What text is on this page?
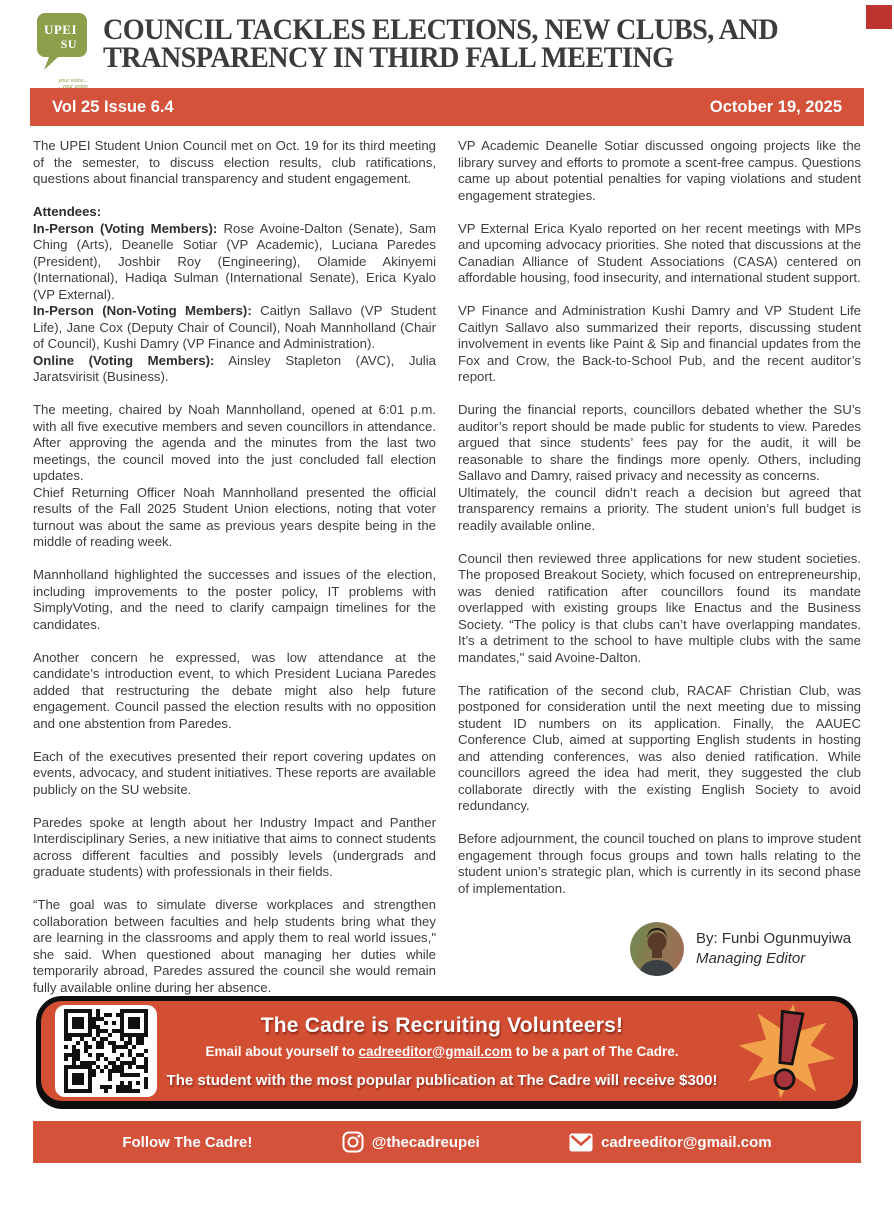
UPEI
SU
your voice...
...your union
COUNCIL TACKLES ELECTIONS, NEW CLUBS, AND
TRANSPARENCY IN THIRD FALL MEETING
Vol 25 Issue 6.4	October 19, 2025

The UPEI Student Union Council met on Oct. 19 for its third meeting of the semester, to discuss election results, club ratifications, questions about financial transparency and student engagement.

Attendees:

In-Person (Voting Members): Rose Avoine-Dalton (Senate), Sam Ching (Arts), Deanelle Sotiar (VP Academic), Luciana Paredes (President), Joshbir Roy (Engineering), Olamide Akinyemi (International), Hadiqa Sulman (International Senate), Erica Kyalo (VP External).

In-Person (Non-Voting Members): Caitlyn Sallavo (VP Student Life), Jane Cox (Deputy Chair of Council), Noah Mannholland (Chair of Council), Kushi Damry (VP Finance and Administration).

Online (Voting Members): Ainsley Stapleton (AVC), Julia Jaratsvirisit (Business).

The meeting, chaired by Noah Mannholland, opened at 6:01 p.m. with all five executive members and seven councillors in attendance. After approving the agenda and the minutes from the last two meetings, the council moved into the just concluded fall election updates.

Chief Returning Officer Noah Mannholland presented the official results of the Fall 2025 Student Union elections, noting that voter turnout was about the same as previous years despite being in the middle of reading week.

Mannholland highlighted the successes and issues of the election, including improvements to the poster policy, IT problems with SimplyVoting, and the need to clarify campaign timelines for the candidates.

Another concern he expressed, was low attendance at the candidate’s introduction event, to which President Luciana Paredes added that restructuring the debate might also help future engagement. Council passed the election results with no opposition and one abstention from Paredes.

Each of the executives presented their report covering updates on events, advocacy, and student initiatives. These reports are available publicly on the SU website.

Paredes spoke at length about her Industry Impact and Panther Interdisciplinary Series, a new initiative that aims to connect students across different faculties and possibly levels (undergrads and graduate students) with professionals in their fields.

“The goal was to simulate diverse workplaces and strengthen collaboration between faculties and help students bring what they are learning in the classrooms and apply them to real world issues," she said. When questioned about managing her duties while temporarily abroad, Paredes assured the council she would remain fully available online during her absence.

VP Academic Deanelle Sotiar discussed ongoing projects like the library survey and efforts to promote a scent-free campus. Questions came up about potential penalties for vaping violations and student engagement strategies.

VP External Erica Kyalo reported on her recent meetings with MPs and upcoming advocacy priorities. She noted that discussions at the Canadian Alliance of Student Associations (CASA) centered on affordable housing, food insecurity, and international student support.

VP Finance and Administration Kushi Damry and VP Student Life Caitlyn Sallavo also summarized their reports, discussing student involvement in events like Paint & Sip and financial updates from the Fox and Crow, the Back-to-School Pub, and the recent auditor’s report.

During the financial reports, councillors debated whether the SU’s auditor’s report should be made public for students to view. Paredes argued that since students’ fees pay for the audit, it will be reasonable to share the findings more openly. Others, including Sallavo and Damry, raised privacy and necessity as concerns.

Ultimately, the council didn’t reach a decision but agreed that transparency remains a priority. The student union’s full budget is readily available online.

Council then reviewed three applications for new student societies. The proposed Breakout Society, which focused on entrepreneurship, was denied ratification after councillors found its mandate overlapped with existing groups like Enactus and the Business Society. “The policy is that clubs can’t have overlapping mandates. It’s a detriment to the school to have multiple clubs with the same mandates," said Avoine-Dalton.

The ratification of the second club, RACAF Christian Club, was postponed for consideration until the next meeting due to missing student ID numbers on its application. Finally, the AAUEC Conference Club, aimed at supporting English students in hosting and attending conferences, was also denied ratification. While councillors agreed the idea had merit, they suggested the club collaborate directly with the existing English Society to avoid redundancy.

Before adjournment, the council touched on plans to improve student engagement through focus groups and town halls relating to the student union’s strategic plan, which is currently in its second phase of implementation.

By: Funbi Ogunmuyiwa
Managing Editor
The Cadre is Recruiting Volunteers!
Email about yourself to cadreeditor@gmail.com to be a part of The Cadre.
The student with the most popular publication at The Cadre will receive $300!
Follow The Cadre!	@thecadreupei	cadreeditor@gmail.com
